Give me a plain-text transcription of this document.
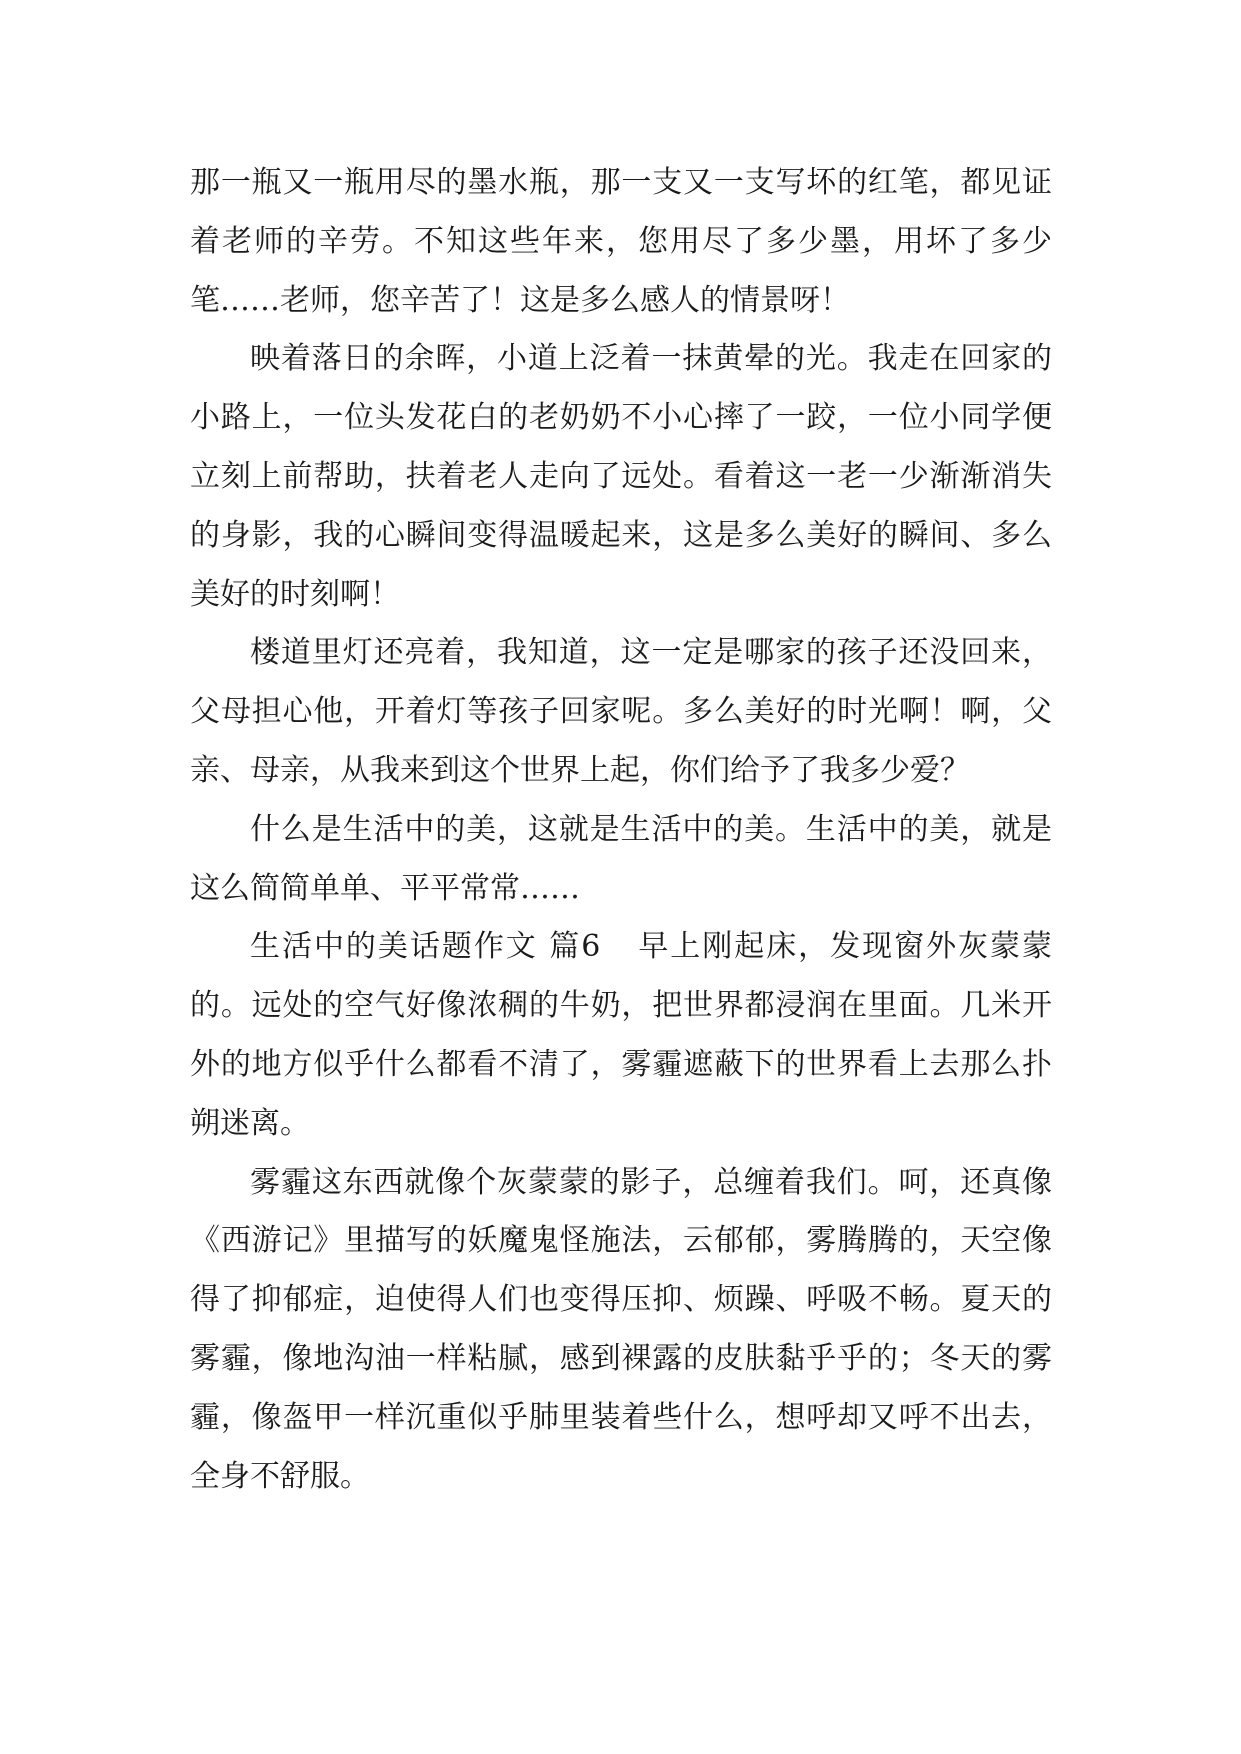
那一瓶又一瓶用尽的墨水瓶，那一支又一支写坏的红笔，都见证着老师的辛劳。不知这些年来，您用尽了多少墨，用坏了多少笔……老师，您辛苦了！这是多么感人的情景呀！

映着落日的余晖，小道上泛着一抹黄晕的光。我走在回家的小路上，一位头发花白的老奶奶不小心摔了一跤，一位小同学便立刻上前帮助，扶着老人走向了远处。看着这一老一少渐渐消失的身影，我的心瞬间变得温暖起来，这是多么美好的瞬间、多么美好的时刻啊！

楼道里灯还亮着，我知道，这一定是哪家的孩子还没回来，父母担心他，开着灯等孩子回家呢。多么美好的时光啊！啊，父亲、母亲，从我来到这个世界上起，你们给予了我多少爱？

什么是生活中的美，这就是生活中的美。生活中的美，就是这么简简单单、平平常常……

生活中的美话题作文 篇6 早上刚起床，发现窗外灰蒙蒙的。远处的空气好像浓稠的牛奶，把世界都浸润在里面。几米开外的地方似乎什么都看不清了，雾霾遮蔽下的世界看上去那么扑朔迷离。

雾霾这东西就像个灰蒙蒙的影子，总缠着我们。呵，还真像《西游记》里描写的妖魔鬼怪施法，云郁郁，雾腾腾的，天空像得了抑郁症，迫使得人们也变得压抑、烦躁、呼吸不畅。夏天的雾霾，像地沟油一样粘腻，感到裸露的皮肤黏乎乎的；冬天的雾霾，像盔甲一样沉重似乎肺里装着些什么，想呼却又呼不出去，全身不舒服。
